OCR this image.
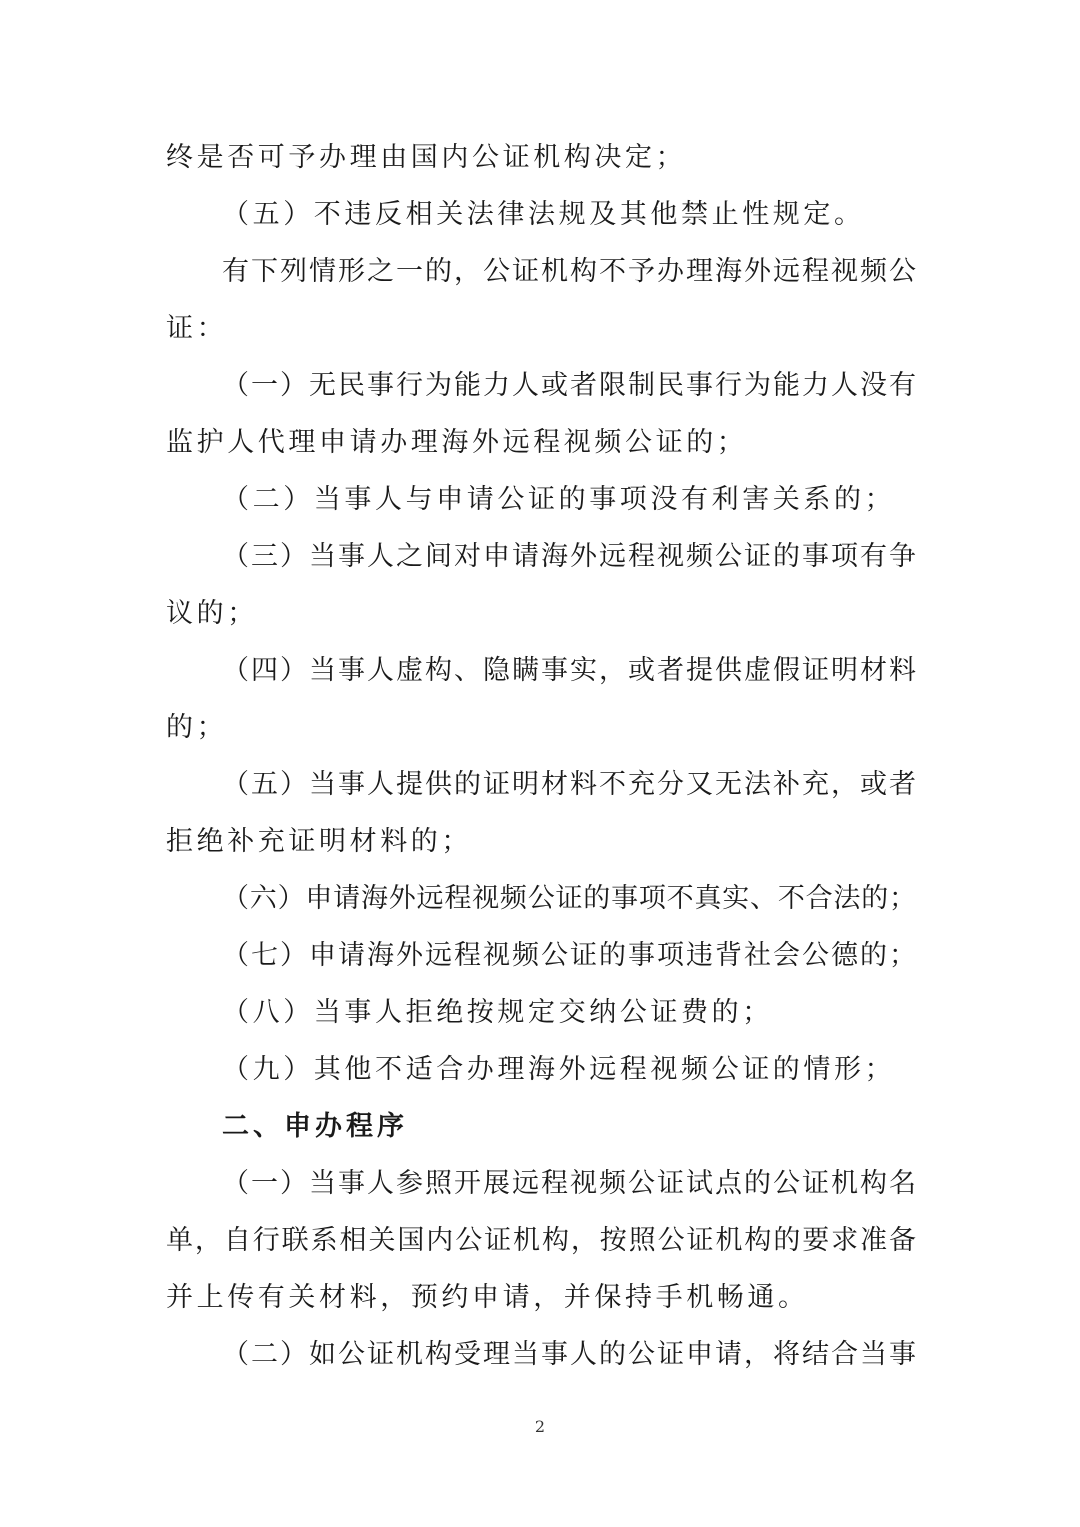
终是否可予办理由国内公证机构决定；
（五）不违反相关法律法规及其他禁止性规定。
有下列情形之一的，公证机构不予办理海外远程视频公
证：
（一）无民事行为能力人或者限制民事行为能力人没有
监护人代理申请办理海外远程视频公证的；
（二）当事人与申请公证的事项没有利害关系的；
（三）当事人之间对申请海外远程视频公证的事项有争
议的；
（四）当事人虚构、隐瞒事实，或者提供虚假证明材料
的；
（五）当事人提供的证明材料不充分又无法补充，或者
拒绝补充证明材料的；
（六）申请海外远程视频公证的事项不真实、不合法的；
（七）申请海外远程视频公证的事项违背社会公德的；
（八）当事人拒绝按规定交纳公证费的；
（九）其他不适合办理海外远程视频公证的情形；
二、申办程序
（一）当事人参照开展远程视频公证试点的公证机构名
单，自行联系相关国内公证机构，按照公证机构的要求准备
并上传有关材料，预约申请，并保持手机畅通。
（二）如公证机构受理当事人的公证申请，将结合当事
2
